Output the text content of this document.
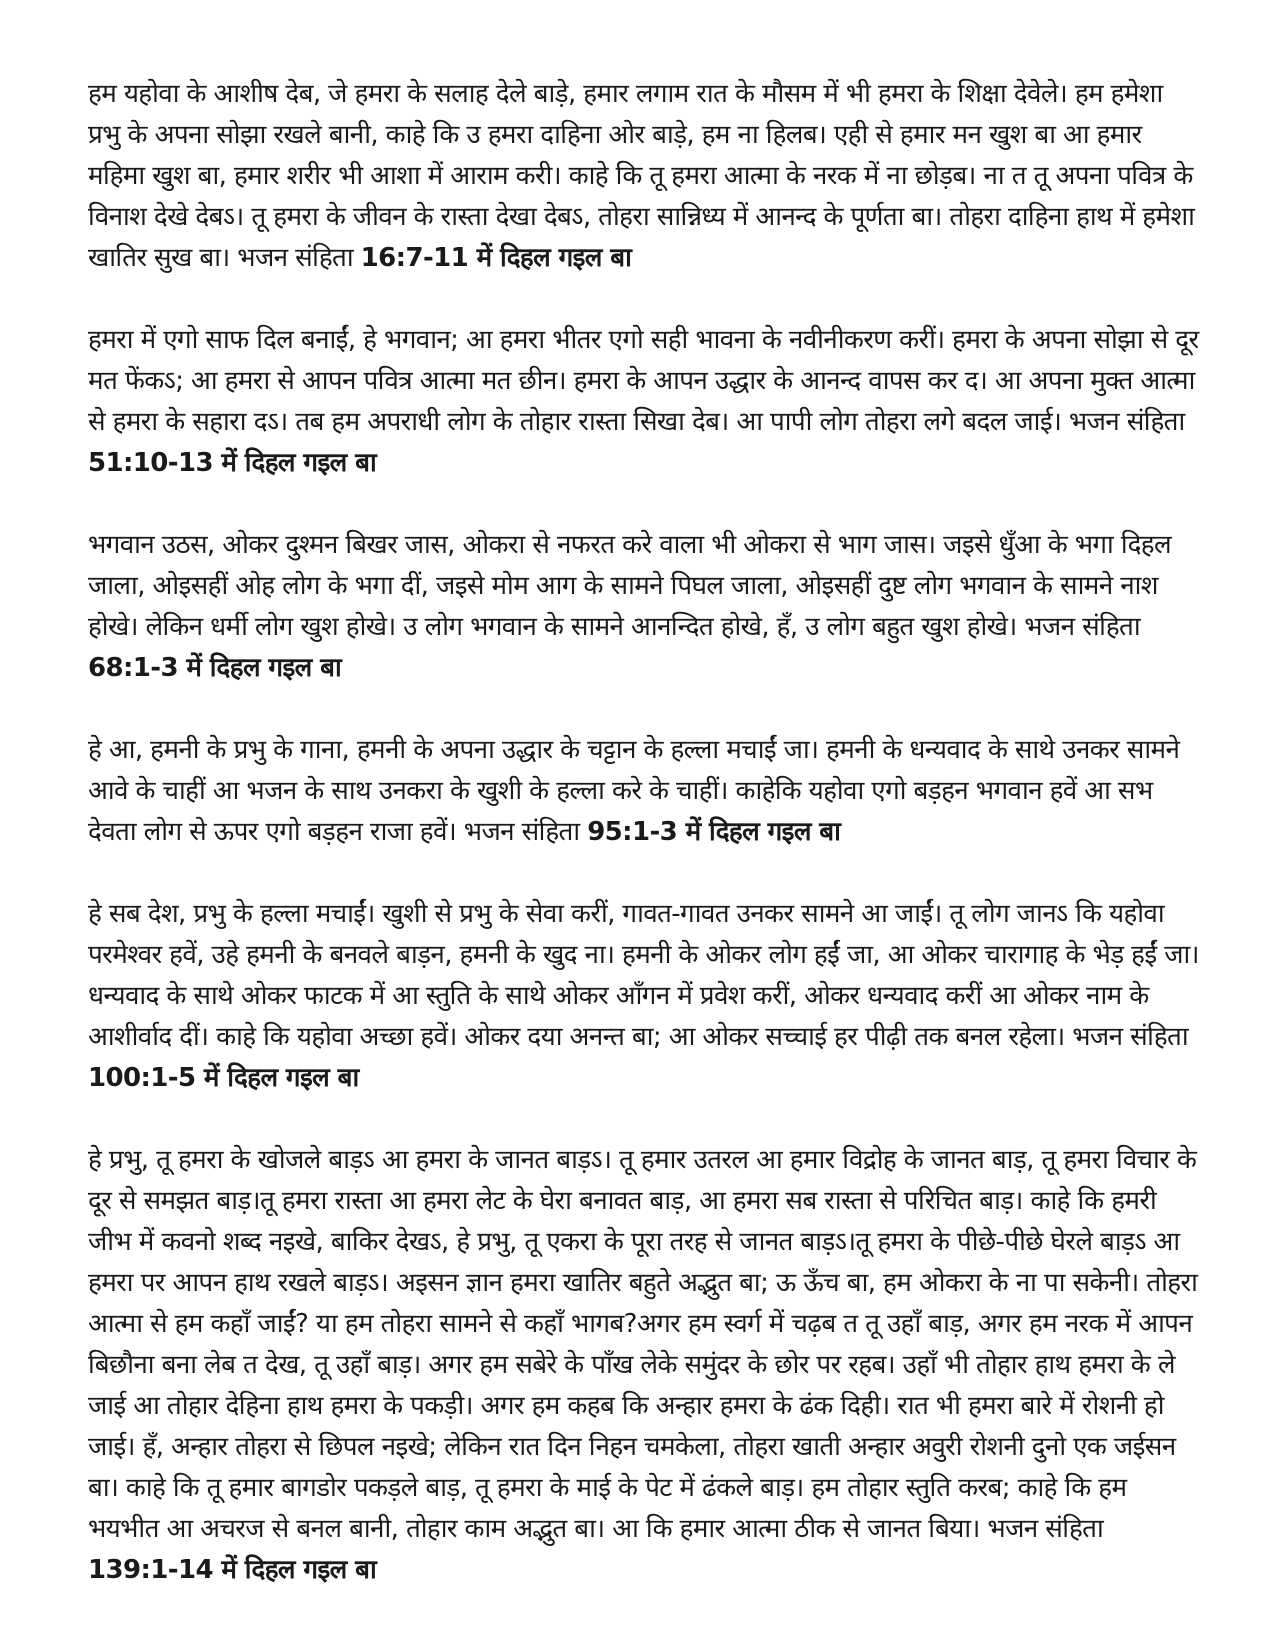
हम यहोवा के आशीष देब, जे हमरा के सलाह देले बाड़े, हमार लगाम रात के मौसम में भी हमरा के शिक्षा देवेले। हम हमेशा प्रभु के अपना सोझा रखले बानी, काहे कि उ हमरा दाहिना ओर बाड़े, हम ना हिलब। एही से हमार मन खुश बा आ हमार महिमा खुश बा, हमार शरीर भी आशा में आराम करी। काहे कि तू हमरा आत्मा के नरक में ना छोड़ब। ना त तू अपना पवित्र के विनाश देखे देबऽ। तू हमरा के जीवन के रास्ता देखा देबऽ, तोहरा सान्निध्य में आनन्द के पूर्णता बा। तोहरा दाहिना हाथ में हमेशा खातिर सुख बा। भजन संहिता 16:7-11 में दिहल गइल बा

हमरा में एगो साफ दिल बनाईं, हे भगवान; आ हमरा भीतर एगो सही भावना के नवीनीकरण करीं। हमरा के अपना सोझा से दूर मत फेंकऽ; आ हमरा से आपन पवित्र आत्मा मत छीन। हमरा के आपन उद्धार के आनन्द वापस कर द। आ अपना मुक्त आत्मा से हमरा के सहारा दऽ। तब हम अपराधी लोग के तोहार रास्ता सिखा देब। आ पापी लोग तोहरा लगे बदल जाई। भजन संहिता 51:10-13 में दिहल गइल बा

भगवान उठस, ओकर दुश्मन बिखर जास, ओकरा से नफरत करे वाला भी ओकरा से भाग जास। जइसे धुँआ के भगा दिहल जाला, ओइसहीं ओह लोग के भगा दीं, जइसे मोम आग के सामने पिघल जाला, ओइसहीं दुष्ट लोग भगवान के सामने नाश होखे। लेकिन धर्मी लोग खुश होखे। उ लोग भगवान के सामने आनन्दित होखे, हँ, उ लोग बहुत खुश होखे। भजन संहिता 68:1-3 में दिहल गइल बा

हे आ, हमनी के प्रभु के गाना, हमनी के अपना उद्धार के चट्टान के हल्ला मचाईं जा। हमनी के धन्यवाद के साथे उनकर सामने आवे के चाहीं आ भजन के साथ उनकरा के खुशी के हल्ला करे के चाहीं। काहेकि यहोवा एगो बड़हन भगवान हवें आ सभ देवता लोग से ऊपर एगो बड़हन राजा हवें। भजन संहिता 95:1-3 में दिहल गइल बा

हे सब देश, प्रभु के हल्ला मचाईं। खुशी से प्रभु के सेवा करीं, गावत-गावत उनकर सामने आ जाईं। तू लोग जानऽ कि यहोवा परमेश्वर हवें, उहे हमनी के बनवले बाड़न, हमनी के खुद ना। हमनी के ओकर लोग हईं जा, आ ओकर चारागाह के भेड़ हईं जा। धन्यवाद के साथे ओकर फाटक में आ स्तुति के साथे ओकर आँगन में प्रवेश करीं, ओकर धन्यवाद करीं आ ओकर नाम के आशीर्वाद दीं। काहे कि यहोवा अच्छा हवें। ओकर दया अनन्त बा; आ ओकर सच्चाई हर पीढ़ी तक बनल रहेला। भजन संहिता 100:1-5 में दिहल गइल बा

हे प्रभु, तू हमरा के खोजले बाड़ऽ आ हमरा के जानत बाड़ऽ। तू हमार उतरल आ हमार विद्रोह के जानत बाड़, तू हमरा विचार के दूर से समझत बाड़।तू हमरा रास्ता आ हमरा लेट के घेरा बनावत बाड़, आ हमरा सब रास्ता से परिचित बाड़। काहे कि हमरी जीभ में कवनो शब्द नइखे, बाकिर देखऽ, हे प्रभु, तू एकरा के पूरा तरह से जानत बाड़ऽ।तू हमरा के पीछे-पीछे घेरले बाड़ऽ आ हमरा पर आपन हाथ रखले बाड़ऽ। अइसन ज्ञान हमरा खातिर बहुते अद्भुत बा; ऊ ऊँच बा, हम ओकरा के ना पा सकेनी। तोहरा आत्मा से हम कहाँ जाईं? या हम तोहरा सामने से कहाँ भागब?अगर हम स्वर्ग में चढ़ब त तू उहाँ बाड़, अगर हम नरक में आपन बिछौना बना लेब त देख, तू उहाँ बाड़। अगर हम सबेरे के पाँख लेके समुंदर के छोर पर रहब। उहाँ भी तोहार हाथ हमरा के ले जाई आ तोहार देहिना हाथ हमरा के पकड़ी। अगर हम कहब कि अन्हार हमरा के ढंक दिही। रात भी हमरा बारे में रोशनी हो जाई। हँ, अन्हार तोहरा से छिपल नइखे; लेकिन रात दिन निहन चमकेला, तोहरा खाती अन्हार अवुरी रोशनी दुनो एक जईसन बा। काहे कि तू हमार बागडोर पकड़ले बाड़, तू हमरा के माई के पेट में ढंकले बाड़। हम तोहार स्तुति करब; काहे कि हम भयभीत आ अचरज से बनल बानी, तोहार काम अद्भुत बा। आ कि हमार आत्मा ठीक से जानत बिया। भजन संहिता 139:1-14 में दिहल गइल बा
